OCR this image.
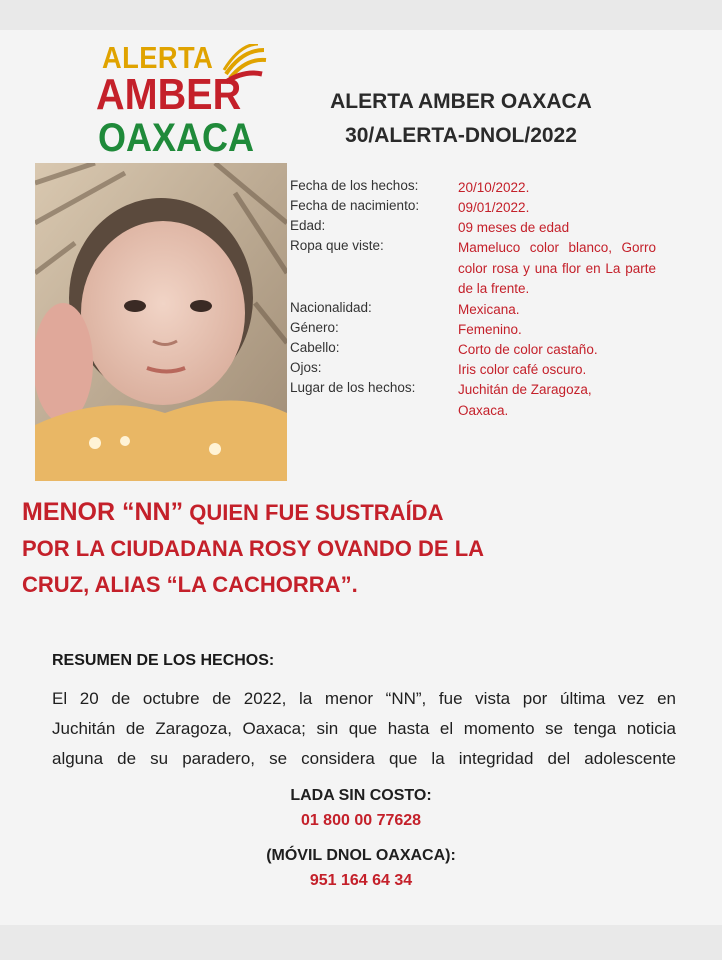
ALERTA
AMBER
OAXACA
ALERTA AMBER OAXACA
30/ALERTA-DNOL/2022
Fecha de los hechos:	20/10/2022.
Fecha de nacimiento:	09/01/2022.
Edad:	09 meses de edad
Ropa que viste:	Mameluco color blanco, Gorro color rosa y una flor en La parte de la frente.
Nacionalidad:	Mexicana.
Género:	Femenino.
Cabello:	Corto de color castaño.
Ojos:	Iris color café oscuro.
Lugar de los hechos:	Juchitán de Zaragoza, Oaxaca.
MENOR “NN” QUIEN FUE SUSTRAÍDA
POR LA CIUDADANA ROSY OVANDO DE LA
CRUZ, ALIAS “LA CACHORRA”.
RESUMEN DE LOS HECHOS:
El 20 de octubre de 2022, la menor “NN”, fue vista por última vez en
Juchitán de Zaragoza, Oaxaca; sin que hasta el momento se tenga noticia
alguna de su paradero, se considera que la integridad del adolescente
LADA SIN COSTO:
01 800 00 77628
(MÓVIL DNOL OAXACA):
951 164 64 34
